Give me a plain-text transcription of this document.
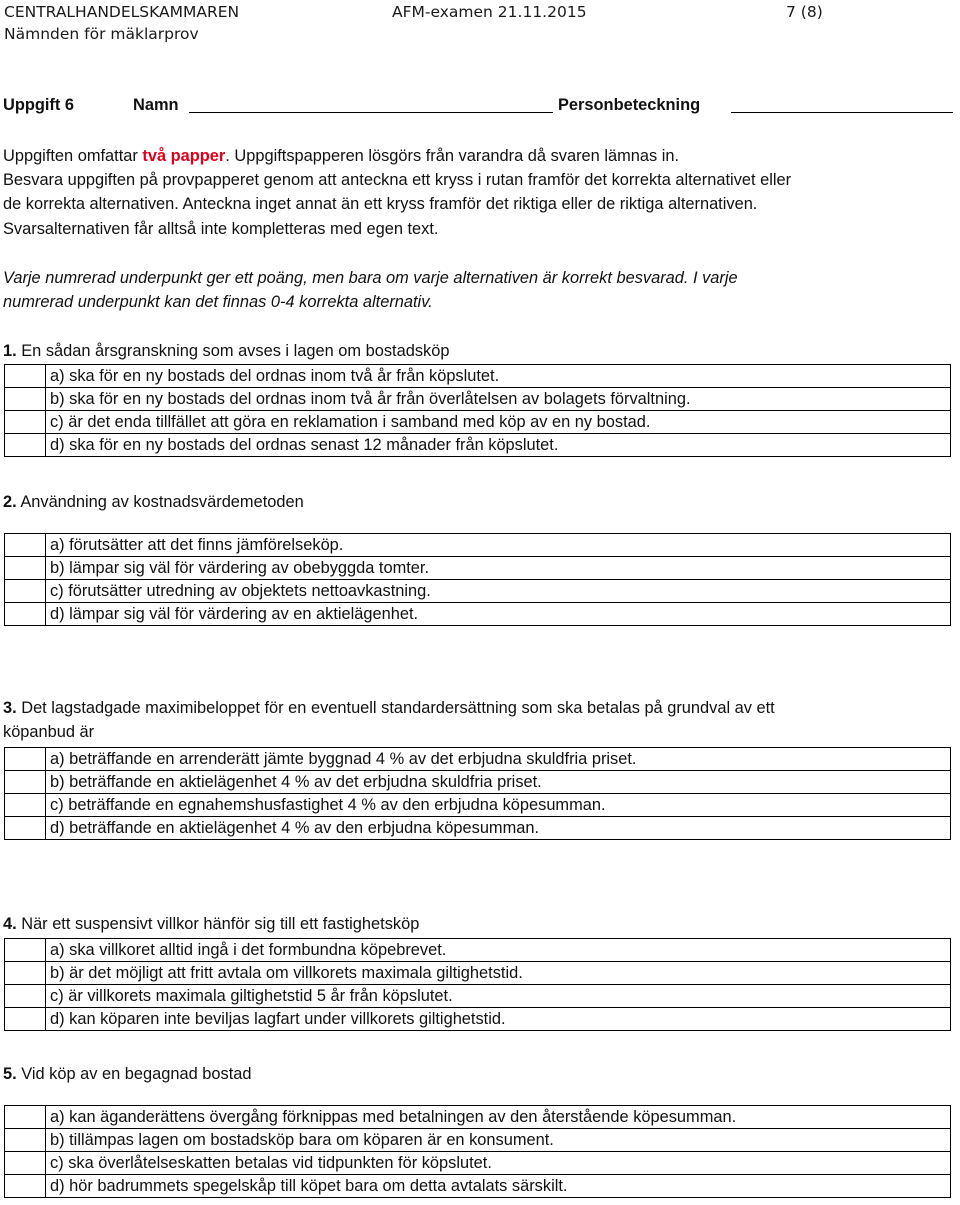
CENTRALHANDELSKAMMAREN	AFM-examen 21.11.2015	7 (8)
Nämnden för mäklarprov
Uppgift 6	Namn	Personbeteckning
Uppgiften omfattar två papper. Uppgiftspapperen lösgörs från varandra då svaren lämnas in.
Besvara uppgiften på provpapperet genom att anteckna ett kryss i rutan framför det korrekta alternativet eller
de korrekta alternativen. Anteckna inget annat än ett kryss framför det riktiga eller de riktiga alternativen.
Svarsalternativen får alltså inte kompletteras med egen text.
Varje numrerad underpunkt ger ett poäng, men bara om varje alternativen är korrekt besvarad. I varje
numrerad underpunkt kan det finnas 0-4 korrekta alternativ.
1. En sådan årsgranskning som avses i lagen om bostadsköp
	a) ska för en ny bostads del ordnas inom två år från köpslutet.
	b) ska för en ny bostads del ordnas inom två år från överlåtelsen av bolagets förvaltning.
	c) är det enda tillfället att göra en reklamation i samband med köp av en ny bostad.
	d) ska för en ny bostads del ordnas senast 12 månader från köpslutet.
2. Användning av kostnadsvärdemetoden
	a) förutsätter att det finns jämförelseköp.
	b) lämpar sig väl för värdering av obebyggda tomter.
	c) förutsätter utredning av objektets nettoavkastning.
	d) lämpar sig väl för värdering av en aktielägenhet.
3. Det lagstadgade maximibeloppet för en eventuell standardersättning som ska betalas på grundval av ett
köpanbud är
	a) beträffande en arrenderätt jämte byggnad 4 % av det erbjudna skuldfria priset.
	b) beträffande en aktielägenhet 4 % av det erbjudna skuldfria priset.
	c) beträffande en egnahemshusfastighet 4 % av den erbjudna köpesumman.
	d) beträffande en aktielägenhet 4 % av den erbjudna köpesumman.
4. När ett suspensivt villkor hänför sig till ett fastighetsköp
	a) ska villkoret alltid ingå i det formbundna köpebrevet.
	b) är det möjligt att fritt avtala om villkorets maximala giltighetstid.
	c) är villkorets maximala giltighetstid 5 år från köpslutet.
	d) kan köparen inte beviljas lagfart under villkorets giltighetstid.
5. Vid köp av en begagnad bostad
	a) kan äganderättens övergång förknippas med betalningen av den återstående köpesumman.
	b) tillämpas lagen om bostadsköp bara om köparen är en konsument.
	c) ska överlåtelseskatten betalas vid tidpunkten för köpslutet.
	d) hör badrummets spegelskåp till köpet bara om detta avtalats särskilt.
